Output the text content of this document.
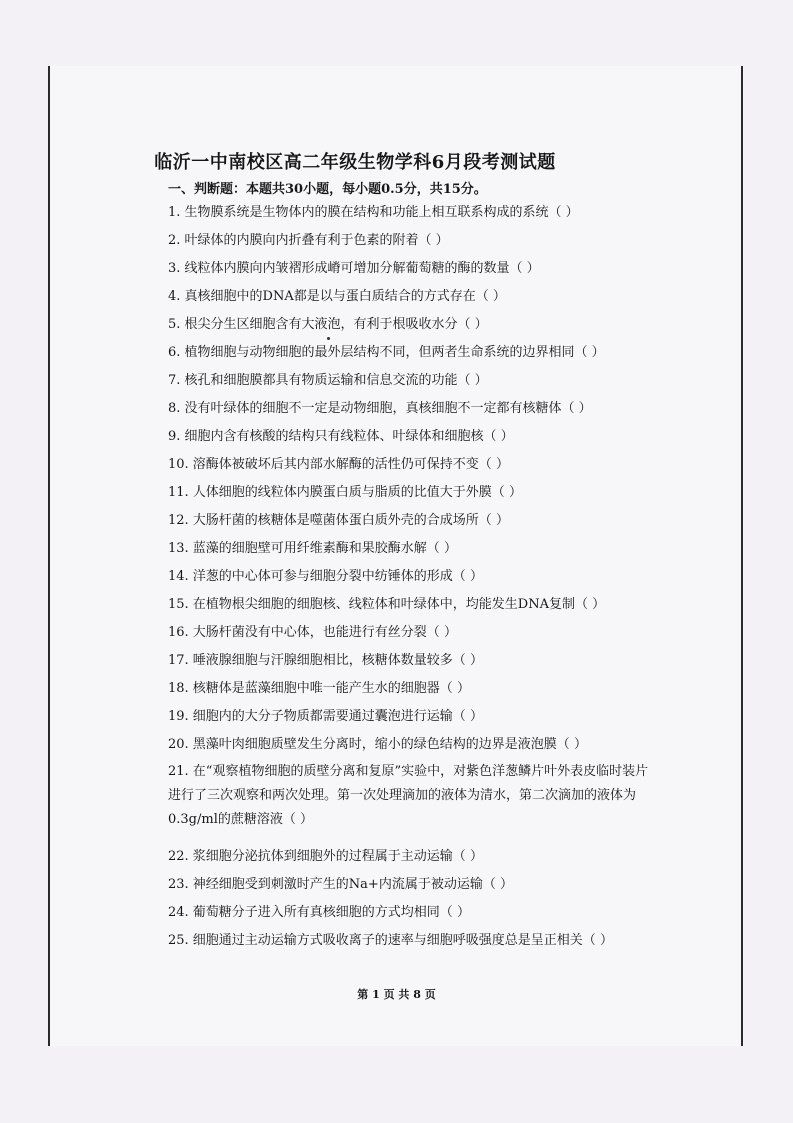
临沂一中南校区高二年级生物学科6月段考测试题
一、判断题：本题共30小题，每小题0.5分，共15分。
1. 生物膜系统是生物体内的膜在结构和功能上相互联系构成的系统（ ）
2. 叶绿体的内膜向内折叠有利于色素的附着（ ）
3. 线粒体内膜向内皱褶形成嵴可增加分解葡萄糖的酶的数量（ ）
4. 真核细胞中的DNA都是以与蛋白质结合的方式存在（ ）
5. 根尖分生区细胞含有大液泡，有利于根吸收水分（ ）
6. 植物细胞与动物细胞的最外层结构不同，但两者生命系统的边界相同（ ）
7. 核孔和细胞膜都具有物质运输和信息交流的功能（ ）
8. 没有叶绿体的细胞不一定是动物细胞，真核细胞不一定都有核糖体（ ）
9. 细胞内含有核酸的结构只有线粒体、叶绿体和细胞核（ ）
10. 溶酶体被破坏后其内部水解酶的活性仍可保持不变（ ）
11. 人体细胞的线粒体内膜蛋白质与脂质的比值大于外膜（ ）
12. 大肠杆菌的核糖体是噬菌体蛋白质外壳的合成场所（ ）
13. 蓝藻的细胞壁可用纤维素酶和果胶酶水解（ ）
14. 洋葱的中心体可参与细胞分裂中纺锤体的形成（ ）
15. 在植物根尖细胞的细胞核、线粒体和叶绿体中，均能发生DNA复制（ ）
16. 大肠杆菌没有中心体，也能进行有丝分裂（ ）
17. 唾液腺细胞与汗腺细胞相比，核糖体数量较多（ ）
18. 核糖体是蓝藻细胞中唯一能产生水的细胞器（ ）
19. 细胞内的大分子物质都需要通过囊泡进行运输（ ）
20. 黑藻叶肉细胞质壁发生分离时，缩小的绿色结构的边界是液泡膜（ ）
21. 在“观察植物细胞的质壁分离和复原”实验中，对紫色洋葱鳞片叶外表皮临时装片进行了三次观察和两次处理。第一次处理滴加的液体为清水，第二次滴加的液体为0.3g/ml的蔗糖溶液（ ）
22. 浆细胞分泌抗体到细胞外的过程属于主动运输（ ）
23. 神经细胞受到刺激时产生的Na+内流属于被动运输（ ）
24. 葡萄糖分子进入所有真核细胞的方式均相同（ ）
25. 细胞通过主动运输方式吸收离子的速率与细胞呼吸强度总是呈正相关（ ）
第 1 页 共 8 页
